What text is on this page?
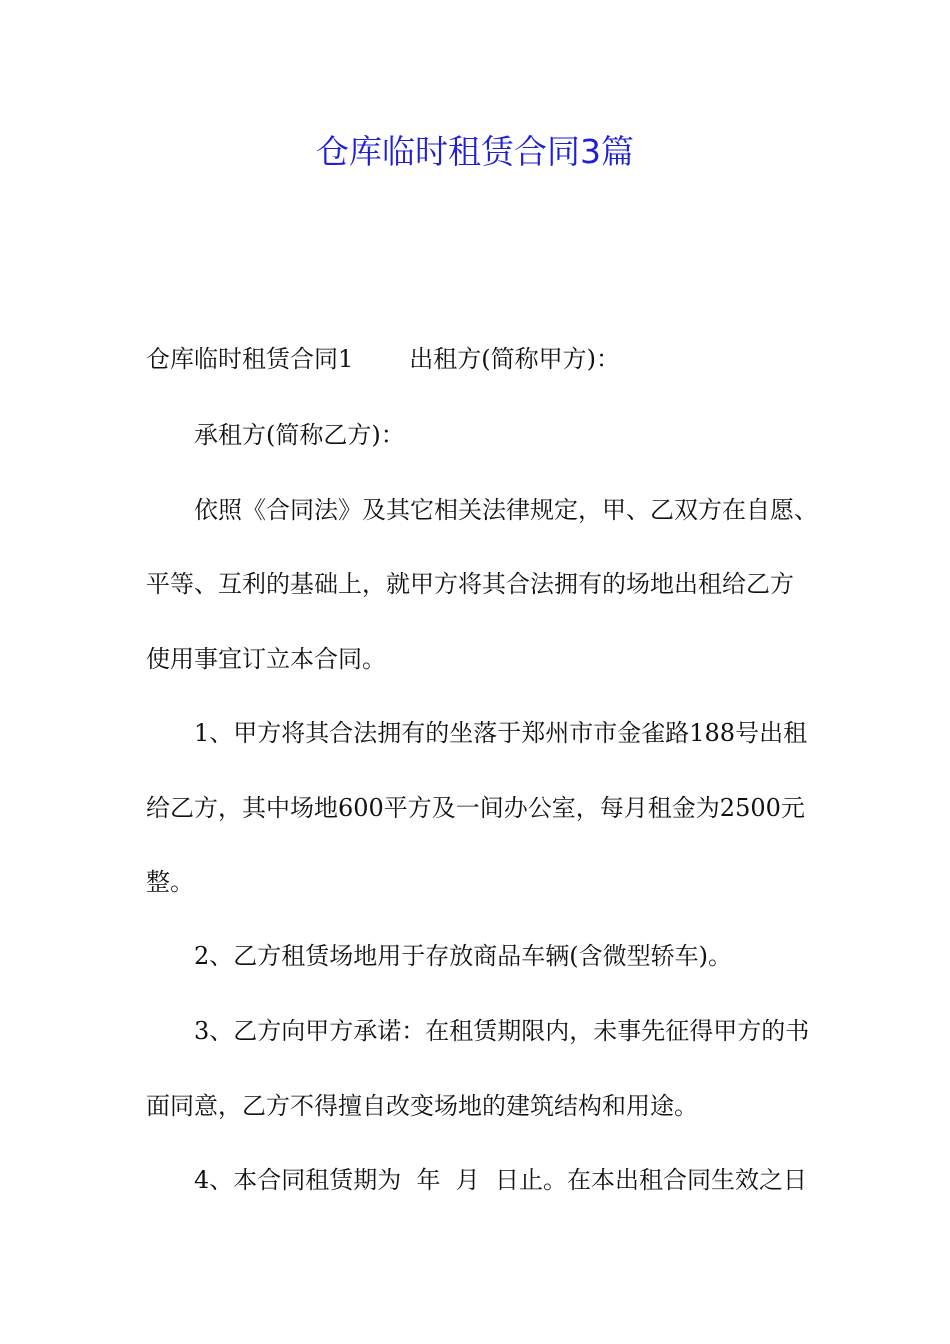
仓库临时租赁合同3篇

仓库临时租赁合同1 出租方(简称甲方)：

承租方(简称乙方)：

依照《合同法》及其它相关法律规定，甲、乙双方在自愿、

平等、互利的基础上，就甲方将其合法拥有的场地出租给乙方

使用事宜订立本合同。

1、甲方将其合法拥有的坐落于郑州市市金雀路188号出租

给乙方，其中场地600平方及一间办公室，每月租金为2500元

整。

2、乙方租赁场地用于存放商品车辆(含微型轿车)。

3、乙方向甲方承诺：在租赁期限内，未事先征得甲方的书

面同意，乙方不得擅自改变场地的建筑结构和用途。

4、本合同租赁期为  年  月  日止。在本出租合同生效之日
